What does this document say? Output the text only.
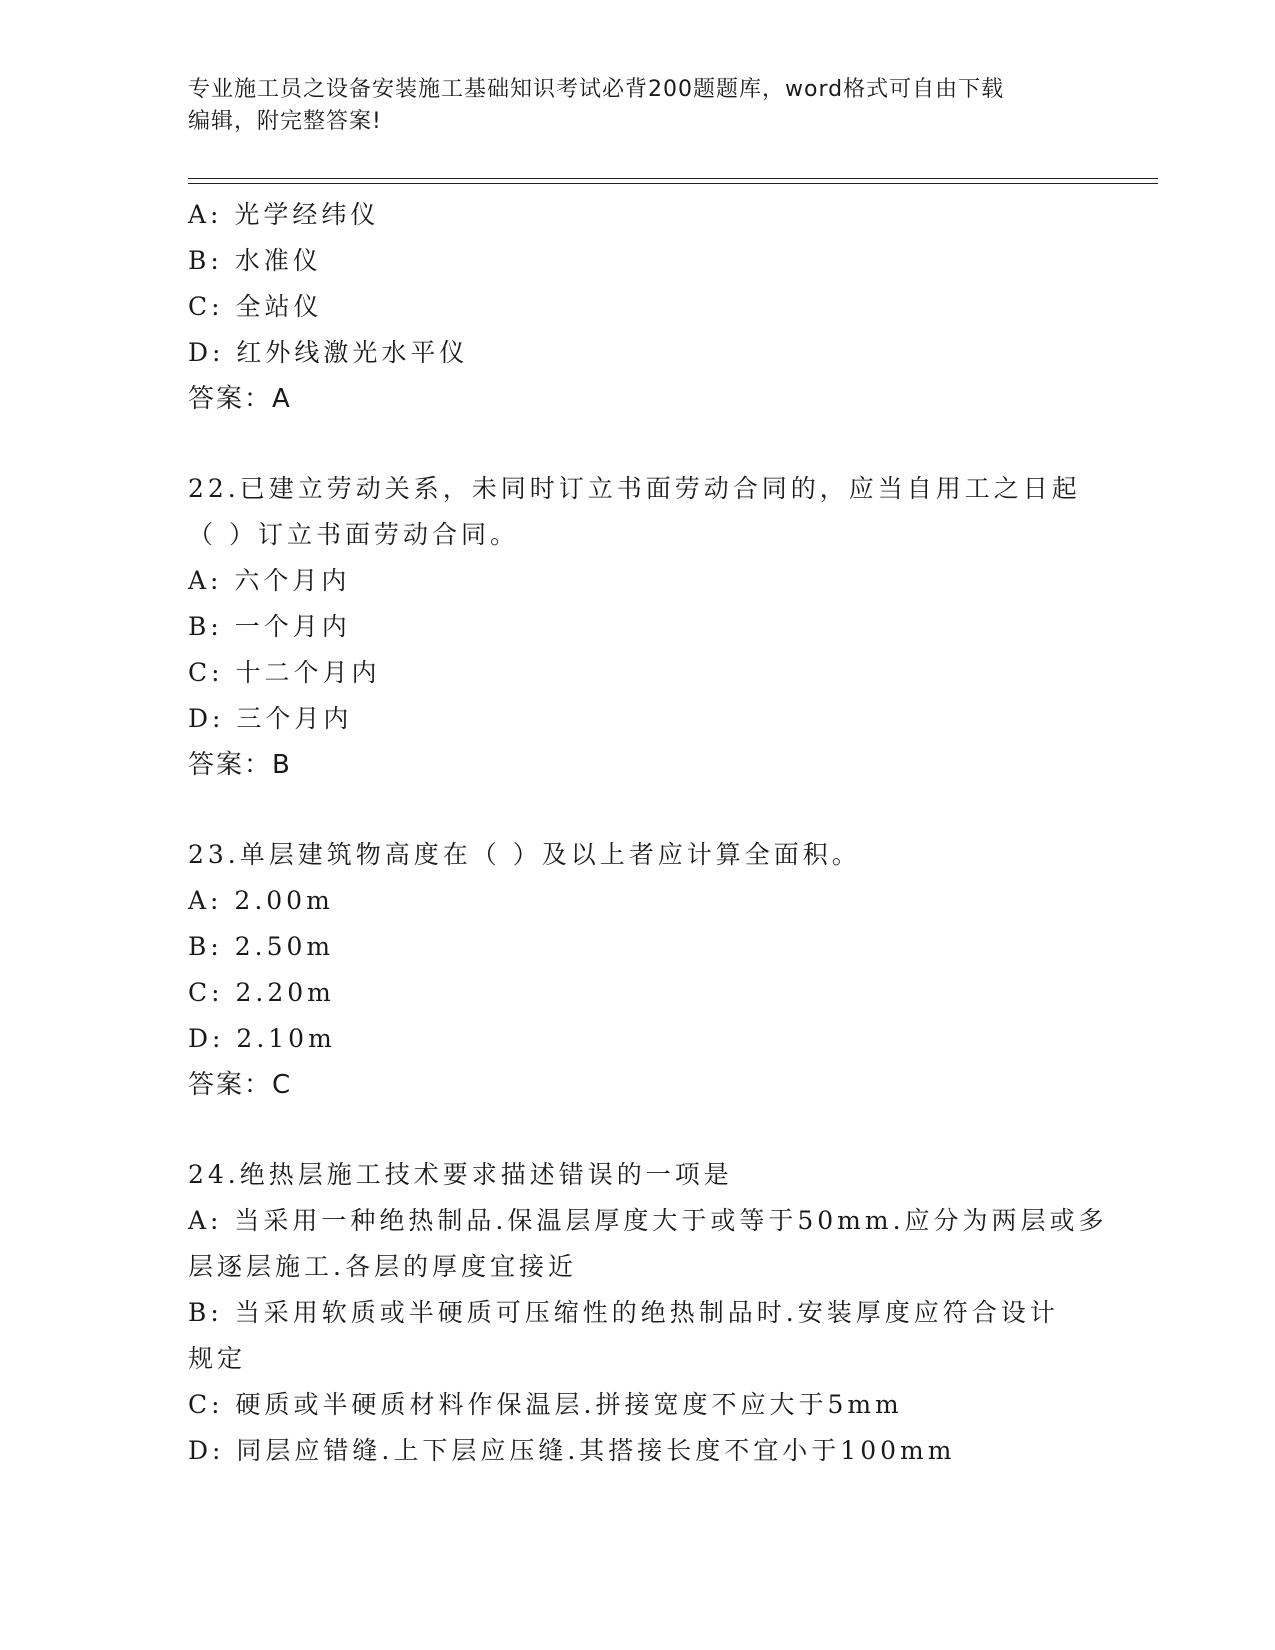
专业施工员之设备安装施工基础知识考试必背200题题库，word格式可自由下载
编辑，附完整答案!
A: 光学经纬仪
B: 水准仪
C: 全站仪
D: 红外线激光水平仪
答案：A
22.已建立劳动关系，未同时订立书面劳动合同的，应当自用工之日起
（ ）订立书面劳动合同。
A: 六个月内
B: 一个月内
C: 十二个月内
D: 三个月内
答案：B
23.单层建筑物高度在（ ）及以上者应计算全面积。
A: 2.00m
B: 2.50m
C: 2.20m
D: 2.10m
答案：C
24.绝热层施工技术要求描述错误的一项是
A: 当采用一种绝热制品.保温层厚度大于或等于50mm.应分为两层或多
层逐层施工.各层的厚度宜接近
B: 当采用软质或半硬质可压缩性的绝热制品时.安装厚度应符合设计
规定
C: 硬质或半硬质材料作保温层.拼接宽度不应大于5mm
D: 同层应错缝.上下层应压缝.其搭接长度不宜小于100mm
